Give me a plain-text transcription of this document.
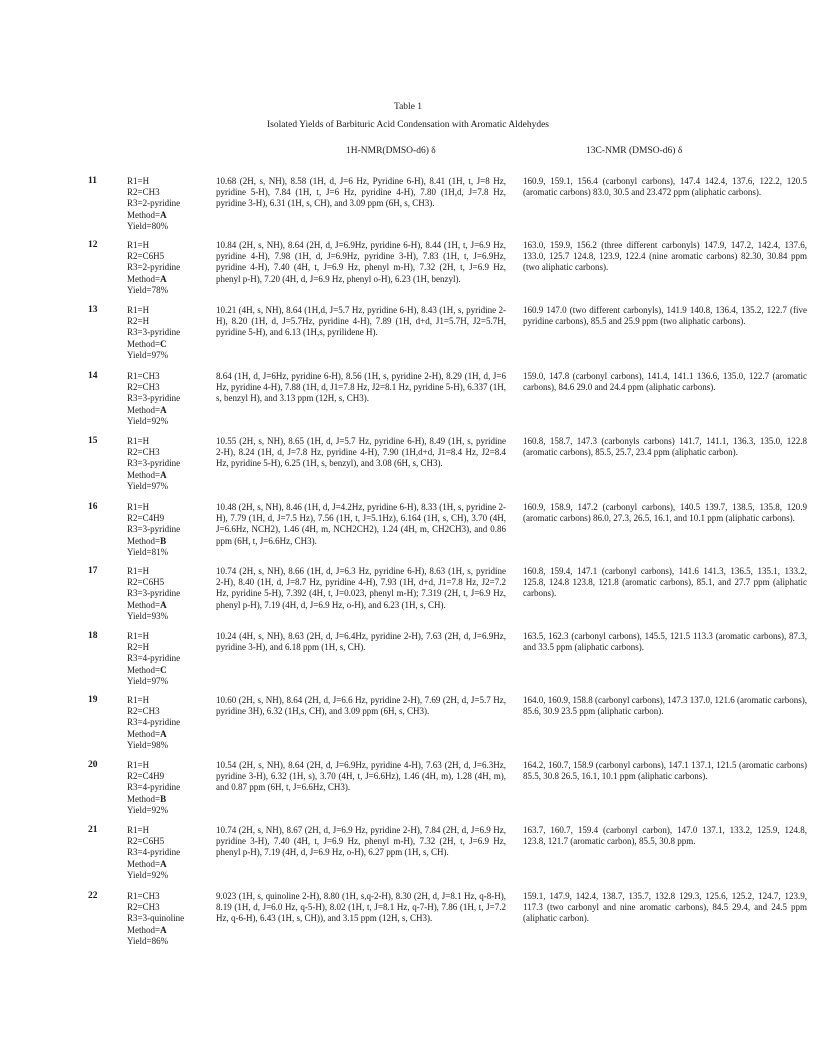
Table 1
Isolated Yields of Barbituric Acid Condensation with Aromatic Aldehydes
1H-NMR(DMSO-d6) δ	13C-NMR (DMSO-d6) δ
11	R1=H
R2=CH3
R3=2-pyridine
Method=A
Yield=80%
10.68 (2H, s, NH), 8.58 (1H, d, J=6 Hz, Pyridine 6-H), 8.41 (1H, t, J=8 Hz, pyridine 5-H), 7.84 (1H, t, J=6 Hz, pyridine 4-H), 7.80 (1H,d, J=7.8 Hz, pyridine 3-H), 6.31 (1H, s, CH), and 3.09 ppm (6H, s, CH3).
160.9, 159.1, 156.4 (carbonyl carbons), 147.4 142.4, 137.6, 122.2, 120.5 (aromatic carbons) 83.0, 30.5 and 23.472 ppm (aliphatic carbons).
12	R1=H
R2=C6H5
R3=2-pyridine
Method=A
Yield=78%
10.84 (2H, s, NH), 8.64 (2H, d, J=6.9Hz, pyridine 6-H), 8.44 (1H, t, J=6.9 Hz, pyridine 4-H), 7.98 (1H, d, J=6.9Hz, pyridine 3-H), 7.83 (1H, t, J=6.9Hz, pyridine 4-H), 7.40 (4H, t, J=6.9 Hz, phenyl m-H), 7.32 (2H, t, J=6.9 Hz, phenyl p-H), 7.20 (4H, d, J=6.9 Hz, phenyl o-H), 6.23 (1H, benzyl).
163.0, 159.9, 156.2 (three different carbonyls) 147.9, 147.2, 142.4, 137.6, 133.0, 125.7 124.8, 123.9, 122.4 (nine aromatic carbons) 82.30, 30.84 ppm (two aliphatic carbons).
13	R1=H
R2=H
R3=3-pyridine
Method=C
Yield=97%
10.21 (4H, s, NH), 8.64 (1H,d, J=5.7 Hz, pyridine 6-H), 8.43 (1H, s, pyridine 2-H), 8.20 (1H, d, J=5.7Hz, pyridine 4-H), 7.89 (1H, d+d, J1=5.7H, J2=5.7H, pyridine 5-H), and 6.13 (1H,s, pyrilidene H).
160.9 147.0 (two different carbonyls), 141.9 140.8, 136.4, 135.2, 122.7 (five pyridine carbons), 85.5 and 25.9 ppm (two aliphatic carbons).
14	R1=CH3
R2=CH3
R3=3-pyridine
Method=A
Yield=92%
8.64 (1H, d, J=6Hz, pyridine 6-H), 8.56 (1H, s, pyridine 2-H), 8.29 (1H, d, J=6 Hz, pyridine 4-H), 7.88 (1H, d, J1=7.8 Hz, J2=8.1 Hz, pyridine 5-H), 6.337 (1H, s, benzyl H), and 3.13 ppm (12H, s, CH3).
159.0, 147.8 (carbonyl carbons), 141.4, 141.1 136.6, 135.0, 122.7 (aromatic carbons), 84.6 29.0 and 24.4 ppm (aliphatic carbons).
15	R1=H
R2=CH3
R3=3-pyridine
Method=A
Yield=97%
10.55 (2H, s, NH), 8.65 (1H, d, J=5.7 Hz, pyridine 6-H), 8.49 (1H, s, pyridine 2-H), 8.24 (1H, d, J=7.8 Hz, pyridine 4-H), 7.90 (1H,d+d, J1=8.4 Hz, J2=8.4 Hz, pyridine 5-H), 6.25 (1H, s, benzyl), and 3.08 (6H, s, CH3).
160.8, 158.7, 147.3 (carbonyls carbons) 141.7, 141.1, 136.3, 135.0, 122.8 (aromatic carbons), 85.5, 25.7, 23.4 ppm (aliphatic carbon).
16	R1=H
R2=C4H9
R3=3-pyridine
Method=B
Yield=81%
10.48 (2H, s, NH), 8.46 (1H, d, J=4.2Hz, pyridine 6-H), 8.33 (1H, s, pyridine 2-H), 7.79 (1H, d, J=7.5 Hz), 7.56 (1H, t, J=5.1Hz), 6.164 (1H, s, CH), 3.70 (4H, J=6.6Hz, NCH2), 1.46 (4H, m, NCH2CH2), 1.24 (4H, m, CH2CH3), and 0.86 ppm (6H, t, J=6.6Hz, CH3).
160.9, 158.9, 147.2 (carbonyl carbons), 140.5 139.7, 138.5, 135.8, 120.9 (aromatic carbons) 86.0, 27.3, 26.5, 16.1, and 10.1 ppm (aliphatic carbons).
17	R1=H
R2=C6H5
R3=3-pyridine
Method=A
Yield=93%
10.74 (2H, s, NH), 8.66 (1H, d, J=6.3 Hz, pyridine 6-H), 8.63 (1H, s, pyridine 2-H), 8.40 (1H, d, J=8.7 Hz, pyridine 4-H), 7.93 (1H, d+d, J1=7.8 Hz, J2=7.2 Hz, pyridine 5-H), 7.392 (4H, t, J=0.023, phenyl m-H); 7.319 (2H, t, J=6.9 Hz, phenyl p-H), 7.19 (4H, d, J=6.9 Hz, o-H), and 6.23 (1H, s, CH).
160.8, 159.4, 147.1 (carbonyl carbons), 141.6 141.3, 136.5, 135.1, 133.2, 125.8, 124.8 123.8, 121.8 (aromatic carbons), 85.1, and 27.7 ppm (aliphatic carbons).
18	R1=H
R2=H
R3=4-pyridine
Method=C
Yield=97%
10.24 (4H, s, NH), 8.63 (2H, d, J=6.4Hz, pyridine 2-H), 7.63 (2H, d, J=6.9Hz, pyridine 3-H), and 6.18 ppm (1H, s, CH).
163.5, 162.3 (carbonyl carbons), 145.5, 121.5 113.3 (aromatic carbons), 87.3, and 33.5 ppm (aliphatic carbons).
19	R1=H
R2=CH3
R3=4-pyridine
Method=A
Yield=98%
10.60 (2H, s, NH), 8.64 (2H, d, J=6.6 Hz, pyridine 2-H), 7.69 (2H, d, J=5.7 Hz, pyridine 3H), 6.32 (1H,s, CH), and 3.09 ppm (6H, s, CH3).
164.0, 160.9, 158.8 (carbonyl carbons), 147.3 137.0, 121.6 (aromatic carbons), 85.6, 30.9 23.5 ppm (aliphatic carbon).
20	R1=H
R2=C4H9
R3=4-pyridine
Method=B
Yield=92%
10.54 (2H, s, NH), 8.64 (2H, d, J=6.9Hz, pyridine 4-H), 7.63 (2H, d, J=6.3Hz, pyridine 3-H), 6.32 (1H, s), 3.70 (4H, t, J=6.6Hz), 1.46 (4H, m), 1.28 (4H, m), and 0.87 ppm (6H, t, J=6.6Hz, CH3).
164.2, 160.7, 158.9 (carbonyl carbons), 147.1 137.1, 121.5 (aromatic carbons) 85.5, 30.8 26.5, 16.1, 10.1 ppm (aliphatic carbons).
21	R1=H
R2=C6H5
R3=4-pyridine
Method=A
Yield=92%
10.74 (2H, s, NH), 8.67 (2H, d, J=6.9 Hz, pyridine 2-H), 7.84 (2H, d, J=6.9 Hz, pyridine 3-H), 7.40 (4H, t, J=6.9 Hz, phenyl m-H), 7.32 (2H, t, J=6.9 Hz, phenyl p-H), 7.19 (4H, d, J=6.9 Hz, o-H), 6.27 ppm (1H, s, CH).
163.7, 160.7, 159.4 (carbonyl carbon), 147.0 137.1, 133.2, 125.9, 124.8, 123.8, 121.7 (aromatic carbon), 85.5, 30.8 ppm.
22	R1=CH3
R2=CH3
R3=3-quinoline
Method=A
Yield=86%
9.023 (1H, s, quinoline 2-H), 8.80 (1H, s,q-2-H), 8.30 (2H, d, J=8.1 Hz, q-8-H), 8.19 (1H, d, J=6.0 Hz, q-5-H), 8.02 (1H, t, J=8.1 Hz, q-7-H), 7.86 (1H, t, J=7.2 Hz, q-6-H), 6.43 (1H, s, CH)), and 3.15 ppm (12H, s, CH3).
159.1, 147.9, 142.4, 138.7, 135.7, 132.8 129.3, 125.6, 125.2, 124.7, 123.9, 117.3 (two carbonyl and nine aromatic carbons), 84.5 29.4, and 24.5 ppm (aliphatic carbon).
